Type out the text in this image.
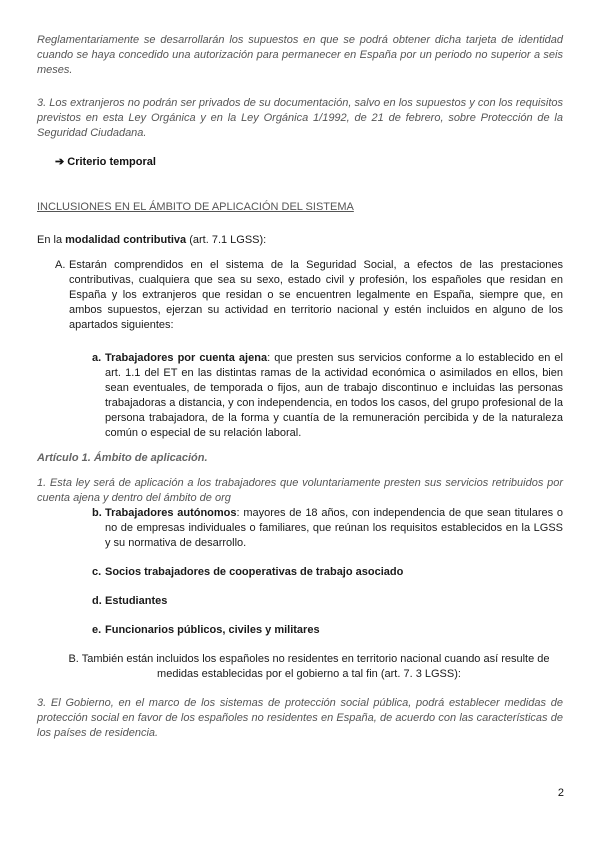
Reglamentariamente se desarrollarán los supuestos en que se podrá obtener dicha tarjeta de identidad cuando se haya concedido una autorización para permanecer en España por un periodo no superior a seis meses.

3. Los extranjeros no podrán ser privados de su documentación, salvo en los supuestos y con los requisitos previstos en esta Ley Orgánica y en la Ley Orgánica 1/1992, de 21 de febrero, sobre Protección de la Seguridad Ciudadana.

➔ Criterio temporal

INCLUSIONES EN EL ÁMBITO DE APLICACIÓN DEL SISTEMA

En la modalidad contributiva (art. 7.1 LGSS):

A. Estarán comprendidos en el sistema de la Seguridad Social, a efectos de las prestaciones contributivas, cualquiera que sea su sexo, estado civil y profesión, los españoles que residan en España y los extranjeros que residan o se encuentren legalmente en España, siempre que, en ambos supuestos, ejerzan su actividad en territorio nacional y estén incluidos en alguno de los apartados siguientes:
a. Trabajadores por cuenta ajena: que presten sus servicios conforme a lo establecido en el art. 1.1 del ET en las distintas ramas de la actividad económica o asimilados en ellos, bien sean eventuales, de temporada o fijos, aun de trabajo discontinuo e incluidas las personas trabajadoras a distancia, y con independencia, en todos los casos, del grupo profesional de la persona trabajadora, de la forma y cuantía de la remuneración percibida y de la naturaleza común o especial de su relación laboral.

Artículo 1. Ámbito de aplicación.

1. Esta ley será de aplicación a los trabajadores que voluntariamente presten sus servicios retribuidos por cuenta ajena y dentro del ámbito de org

b. Trabajadores autónomos: mayores de 18 años, con independencia de que sean titulares o no de empresas individuales o familiares, que reúnan los requisitos establecidos en la LGSS y su normativa de desarrollo.
c. Socios trabajadores de cooperativas de trabajo asociado
d. Estudiantes
e. Funcionarios públicos, civiles y militares

B. También están incluidos los españoles no residentes en territorio nacional cuando así resulte de medidas establecidas por el gobierno a tal fin (art. 7. 3 LGSS):

3. El Gobierno, en el marco de los sistemas de protección social pública, podrá establecer medidas de protección social en favor de los españoles no residentes en España, de acuerdo con las características de los países de residencia.

2
